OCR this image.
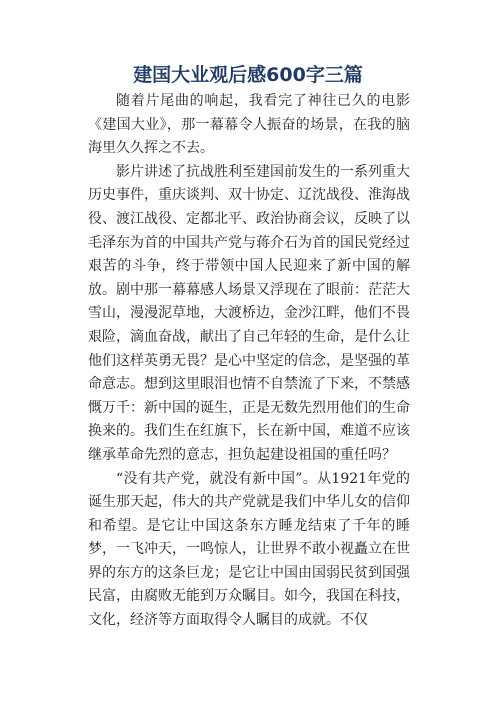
建国大业观后感600字三篇

随着片尾曲的响起，我看完了神往已久的电影《建国大业》，那一幕幕令人振奋的场景，在我的脑海里久久挥之不去。

影片讲述了抗战胜利至建国前发生的一系列重大历史事件，重庆谈判、双十协定、辽沈战役、淮海战役、渡江战役、定都北平、政治协商会议，反映了以毛泽东为首的中国共产党与蒋介石为首的国民党经过艰苦的斗争，终于带领中国人民迎来了新中国的解放。剧中那一幕幕感人场景又浮现在了眼前：茫茫大雪山，漫漫泥草地，大渡桥边，金沙江畔，他们不畏艰险，滴血奋战，献出了自己年轻的生命，是什么让他们这样英勇无畏？是心中坚定的信念，是坚强的革命意志。想到这里眼泪也情不自禁流了下来，不禁感慨万千：新中国的诞生，正是无数先烈用他们的生命换来的。我们生在红旗下，长在新中国，难道不应该继承革命先烈的意志，担负起建设祖国的重任吗？

“没有共产党，就没有新中国”。从1921年党的诞生那天起，伟大的共产党就是我们中华儿女的信仰和希望。是它让中国这条东方睡龙结束了千年的睡梦，一飞冲天，一鸣惊人，让世界不敢小视矗立在世界的东方的这条巨龙；是它让中国由国弱民贫到国强民富，由腐败无能到万众瞩目。如今，我国在科技，文化，经济等方面取得令人瞩目的成就。不仅
